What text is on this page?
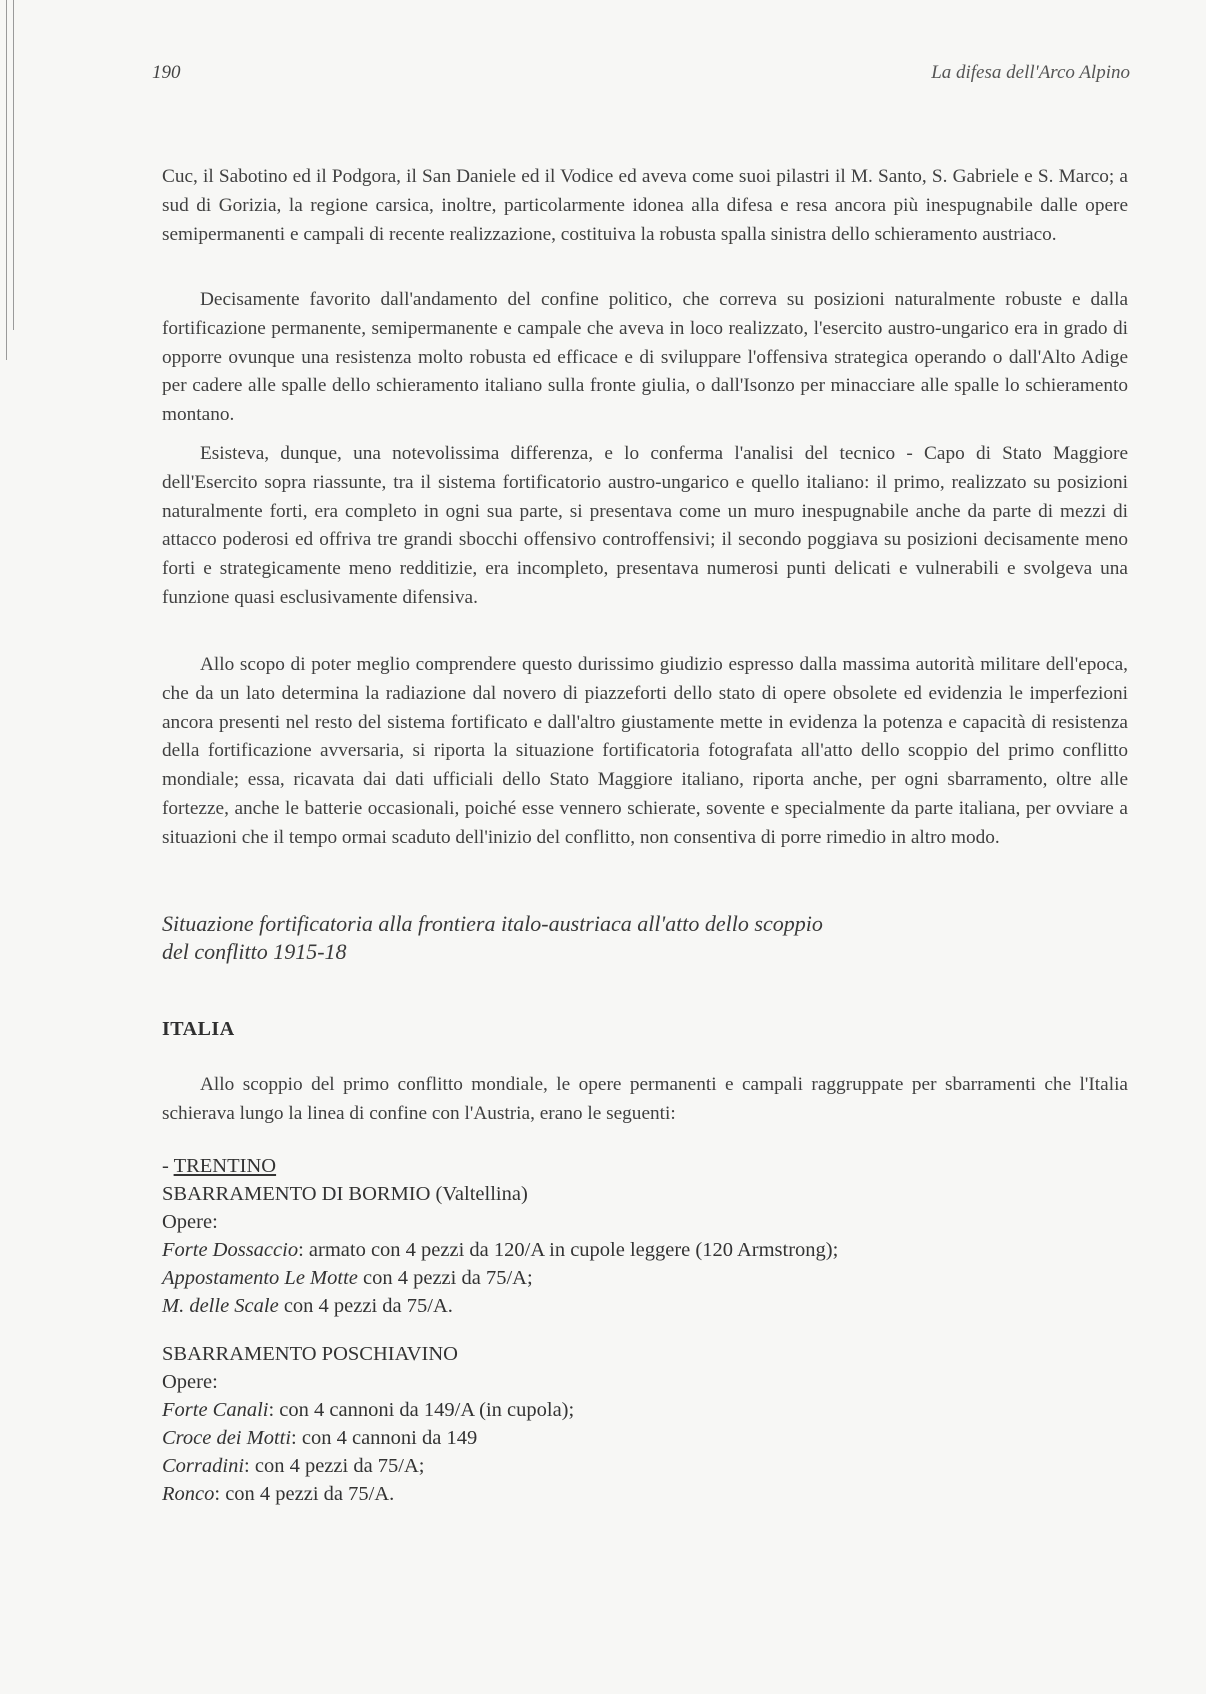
190	La difesa dell'Arco Alpino

Cuc, il Sabotino ed il Podgora, il San Daniele ed il Vodice ed aveva come suoi pilastri il M. Santo, S. Gabriele e S. Marco; a sud di Gorizia, la regione carsica, inoltre, particolarmente idonea alla difesa e resa ancora più inespugnabile dalle opere semipermanenti e campali di recente realizzazione, costituiva la robusta spalla sinistra dello schieramento austriaco.

Decisamente favorito dall'andamento del confine politico, che correva su posizioni naturalmente robuste e dalla fortificazione permanente, semipermanente e campale che aveva in loco realizzato, l'esercito austro-ungarico era in grado di opporre ovunque una resistenza molto robusta ed efficace e di sviluppare l'offensiva strategica operando o dall'Alto Adige per cadere alle spalle dello schieramento italiano sulla fronte giulia, o dall'Isonzo per minacciare alle spalle lo schieramento montano.

Esisteva, dunque, una notevolissima differenza, e lo conferma l'analisi del tecnico - Capo di Stato Maggiore dell'Esercito sopra riassunte, tra il sistema fortificatorio austro-ungarico e quello italiano: il primo, realizzato su posizioni naturalmente forti, era completo in ogni sua parte, si presentava come un muro inespugnabile anche da parte di mezzi di attacco poderosi ed offriva tre grandi sbocchi offensivo controffensivi; il secondo poggiava su posizioni decisamente meno forti e strategicamente meno redditizie, era incompleto, presentava numerosi punti delicati e vulnerabili e svolgeva una funzione quasi esclusivamente difensiva.

Allo scopo di poter meglio comprendere questo durissimo giudizio espresso dalla massima autorità militare dell'epoca, che da un lato determina la radiazione dal novero di piazzeforti dello stato di opere obsolete ed evidenzia le imperfezioni ancora presenti nel resto del sistema fortificato e dall'altro giustamente mette in evidenza la potenza e capacità di resistenza della fortificazione avversaria, si riporta la situazione fortificatoria fotografata all'atto dello scoppio del primo conflitto mondiale; essa, ricavata dai dati ufficiali dello Stato Maggiore italiano, riporta anche, per ogni sbarramento, oltre alle fortezze, anche le batterie occasionali, poiché esse vennero schierate, sovente e specialmente da parte italiana, per ovviare a situazioni che il tempo ormai scaduto dell'inizio del conflitto, non consentiva di porre rimedio in altro modo.

Situazione fortificatoria alla frontiera italo-austriaca all'atto dello scoppio
del conflitto 1915-18

ITALIA

Allo scoppio del primo conflitto mondiale, le opere permanenti e campali raggruppate per sbarramenti che l'Italia schierava lungo la linea di confine con l'Austria, erano le seguenti:

- TRENTINO
SBARRAMENTO DI BORMIO (Valtellina)
Opere:
Forte Dossaccio: armato con 4 pezzi da 120/A in cupole leggere (120 Armstrong);
Appostamento Le Motte con 4 pezzi da 75/A;
M. delle Scale con 4 pezzi da 75/A.
SBARRAMENTO POSCHIAVINO
Opere:
Forte Canali: con 4 cannoni da 149/A (in cupola);
Croce dei Motti: con 4 cannoni da 149
Corradini: con 4 pezzi da 75/A;
Ronco: con 4 pezzi da 75/A.
